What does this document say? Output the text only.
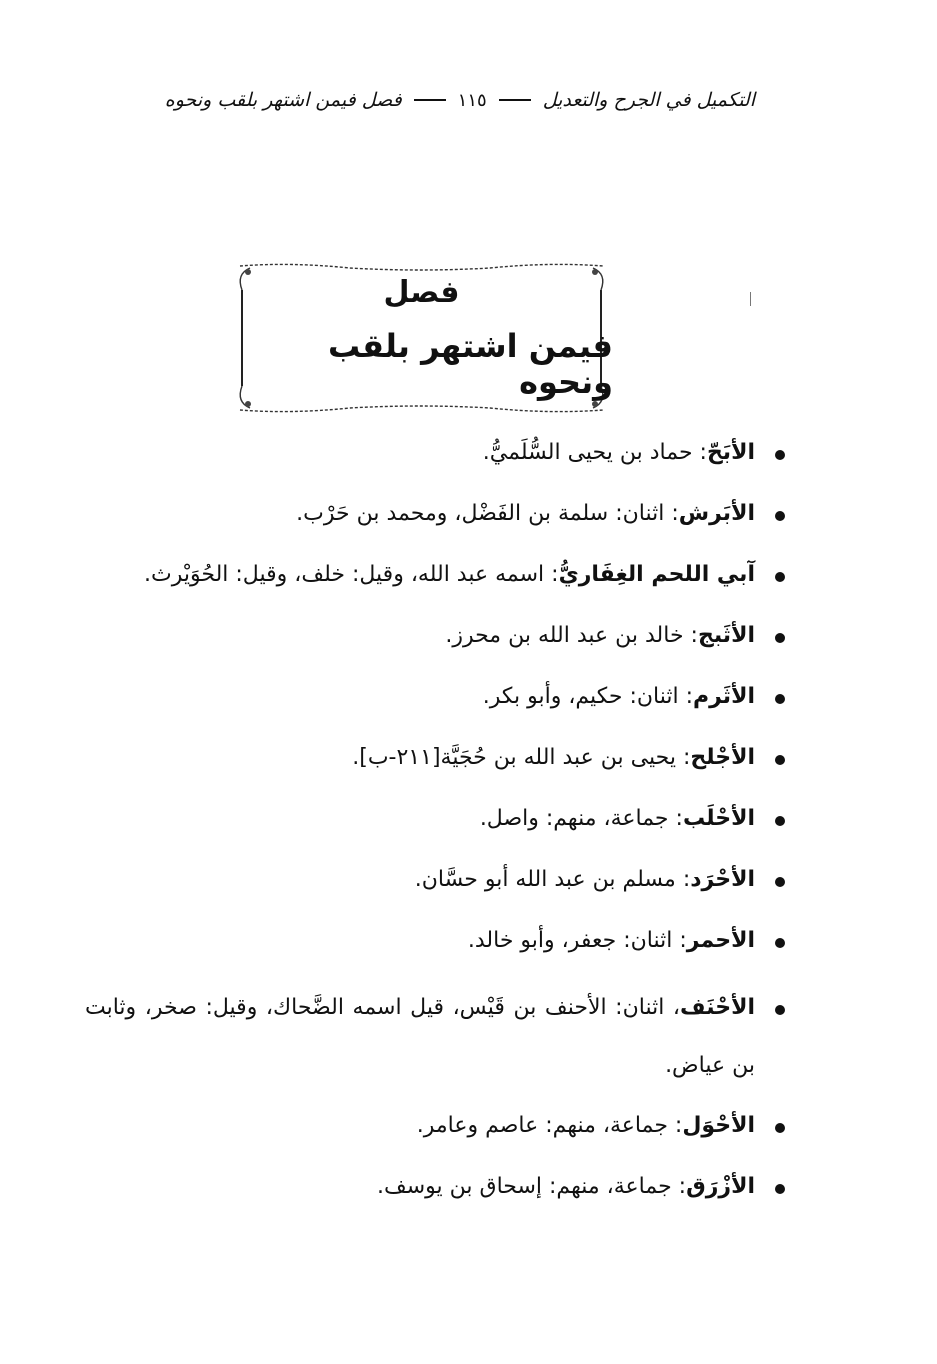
التكميل في الجرح والتعديل
١١٥
فصل فيمن اشتهر بلقب ونحوه
فصل
فيمن اشتهر بلقب ونحوه
الأبَحّ: حماد بن يحيى السُّلَميُّ.
الأبَرش: اثنان: سلمة بن الفَضْل، ومحمد بن حَرْب.
آبي اللحم الغِفَاريُّ: اسمه عبد الله، وقيل: خلف، وقيل: الحُوَيْرث.
الأثَبج: خالد بن عبد الله بن محرز.
الأثَرم: اثنان: حكيم، وأبو بكر.
الأجْلح: يحيى بن عبد الله بن حُجَيَّة[٢١١-ب].
الأحْلَب: جماعة، منهم: واصل.
الأحْرَد: مسلم بن عبد الله أبو حسَّان.
الأحمر: اثنان: جعفر، وأبو خالد.
الأحْنَف، اثنان: الأحنف بن قَيْس، قيل اسمه الضَّحاك، وقيل: صخر، وثابت بن عياض.
الأحْوَل: جماعة، منهم: عاصم وعامر.
الأزْرَق: جماعة، منهم: إسحاق بن يوسف.
